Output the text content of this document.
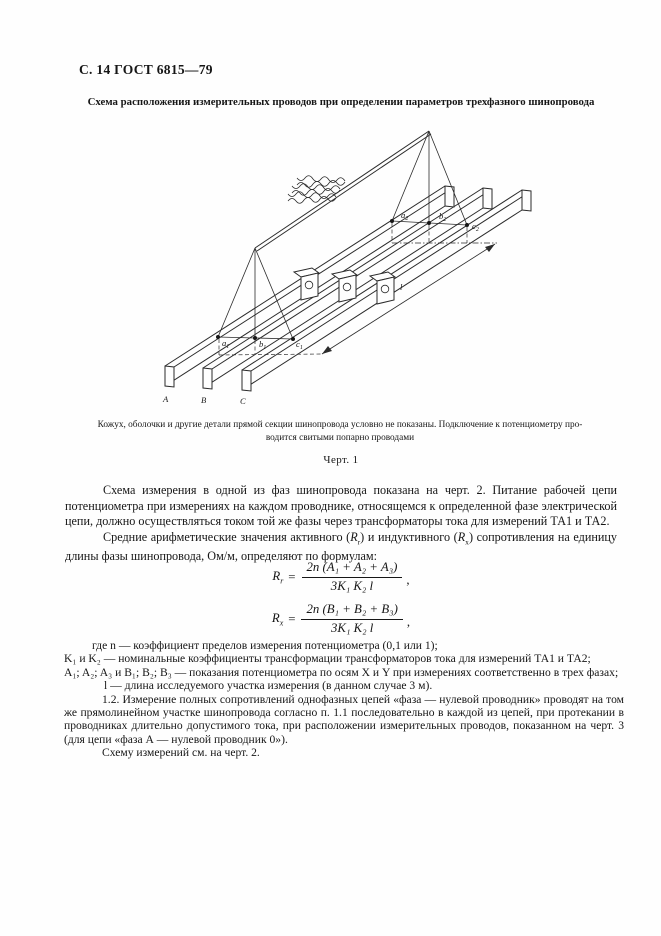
С. 14 ГОСТ 6815—79
Схема расположения измерительных проводов при определении параметров трехфазного шинопровода
l
$a_1$	$b_1$	$c_1$
$a_2$	$b_2$
$c_2$
A	B	C
Кожух, оболочки и другие детали прямой секции шинопровода условно не показаны. Подключение к потенциометру про-
водится свитыми попарно проводами
Черт. 1

Схема измерения в одной из фаз шинопровода показана на черт. 2. Питание рабочей цепи потенциометра при измерениях на каждом проводнике, относящемся к определенной фазе электрической цепи, должно осуществляться током той же фазы через трансформаторы тока для измерений ТА1 и ТА2.

Средние арифметические значения активного $(R_r)$ и индуктивного $(R_x)$ сопротивления на единицу длины фазы шинопровода, Ом/м, определяют по формулам:

$R_r = \frac{\text{2n (A₁ + A₂ + A₃)}}{\text{3K₁ K₂ l}}$ ,
$R_x = \frac{\text{2n (B₁ + B₂ + B₃)}}{\text{3K₁ K₂ l}}$ ,

где n — коэффициент пределов измерения потенциометра (0,1 или 1);

K₁ и K₂ — номинальные коэффициенты трансформации трансформаторов тока для измерений ТА1 и ТА2;

A₁; A₂; A₃ и B₁; B₂; B₃ — показания потенциометра по осям X и Y при измерениях соответственно в трех фазах;

l — длина исследуемого участка измерения (в данном случае 3 м).

1.2. Измерение полных сопротивлений однофазных цепей «фаза — нулевой проводник» проводят на том же прямолинейном участке шинопровода согласно п. 1.1 последовательно в каждой из цепей, при протекании в проводниках длительно допустимого тока, при расположении измерительных проводов, показанном на черт. 3 (для цепи «фаза А — нулевой проводник 0»).

Схему измерений см. на черт. 2.
